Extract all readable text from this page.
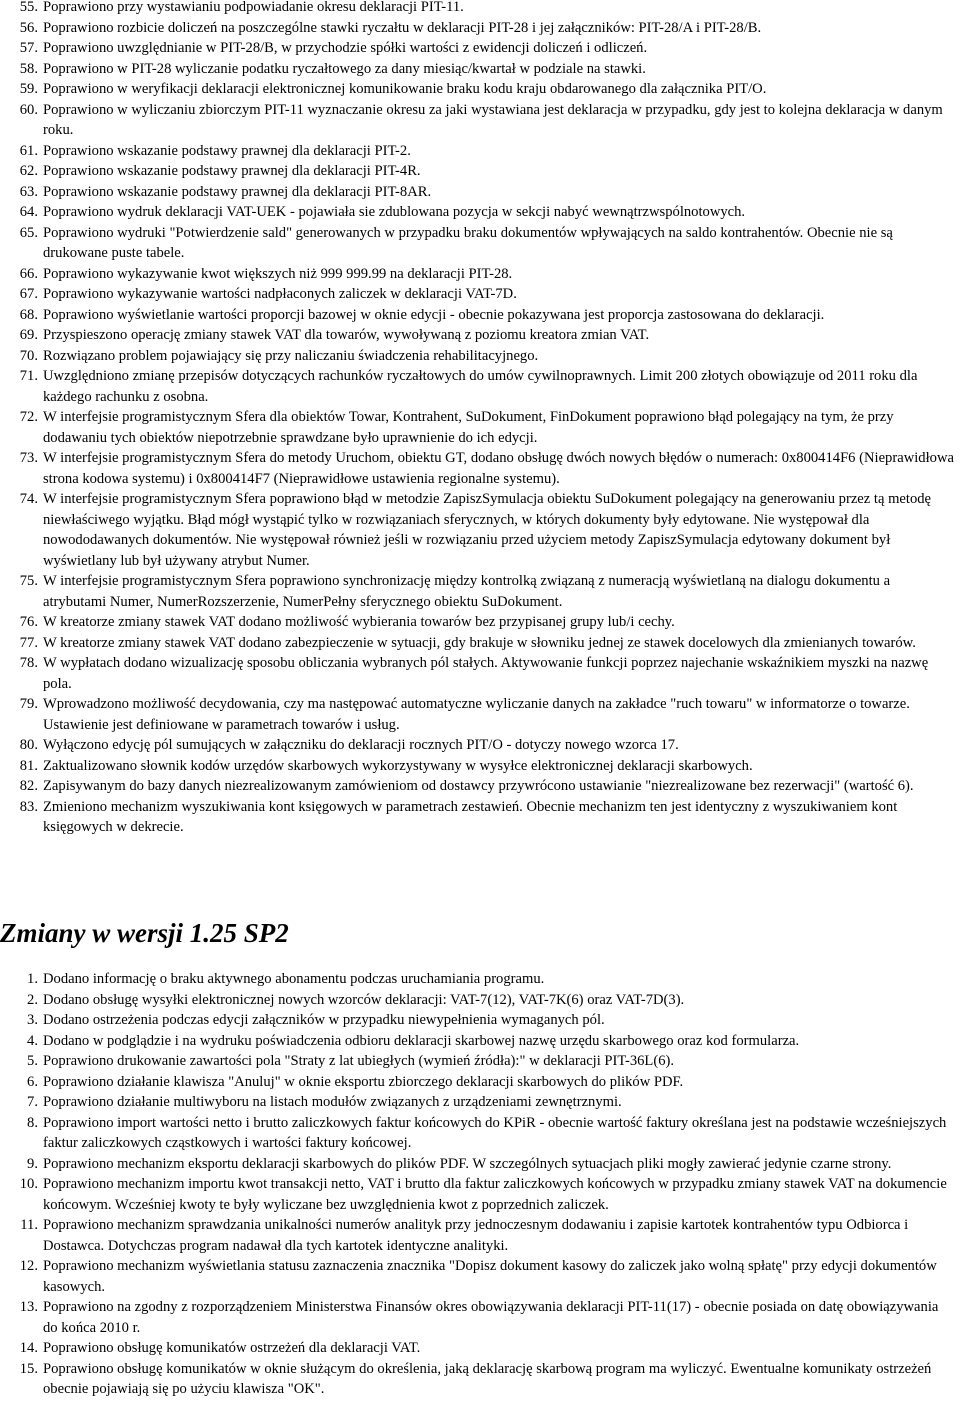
55. Poprawiono przy wystawianiu podpowiadanie okresu deklaracji PIT-11.
56. Poprawiono rozbicie doliczeń na poszczególne stawki ryczałtu w deklaracji PIT-28 i jej załączników: PIT-28/A i PIT-28/B.
57. Poprawiono uwzględnianie w PIT-28/B, w przychodzie spółki wartości z ewidencji doliczeń i odliczeń.
58. Poprawiono w PIT-28 wyliczanie podatku ryczałtowego za dany miesiąc/kwartał w podziale na stawki.
59. Poprawiono w weryfikacji deklaracji elektronicznej komunikowanie braku kodu kraju obdarowanego dla załącznika PIT/O.
60. Poprawiono w wyliczaniu zbiorczym PIT-11 wyznaczanie okresu za jaki wystawiana jest deklaracja w przypadku, gdy jest to kolejna deklaracja w danym roku.
61. Poprawiono wskazanie podstawy prawnej dla deklaracji PIT-2.
62. Poprawiono wskazanie podstawy prawnej dla deklaracji PIT-4R.
63. Poprawiono wskazanie podstawy prawnej dla deklaracji PIT-8AR.
64. Poprawiono wydruk deklaracji VAT-UEK - pojawiała sie zdublowana pozycja w sekcji nabyć wewnątrzwspólnotowych.
65. Poprawiono wydruki "Potwierdzenie sald" generowanych w przypadku braku dokumentów wpływających na saldo kontrahentów. Obecnie nie są drukowane puste tabele.
66. Poprawiono wykazywanie kwot większych niż 999 999.99 na deklaracji PIT-28.
67. Poprawiono wykazywanie wartości nadpłaconych zaliczek w deklaracji VAT-7D.
68. Poprawiono wyświetlanie wartości proporcji bazowej w oknie edycji - obecnie pokazywana jest proporcja zastosowana do deklaracji.
69. Przyspieszono operację zmiany stawek VAT dla towarów, wywoływaną z poziomu kreatora zmian VAT.
70. Rozwiązano problem pojawiający się przy naliczaniu świadczenia rehabilitacyjnego.
71. Uwzględniono zmianę przepisów dotyczących rachunków ryczałtowych do umów cywilnoprawnych. Limit 200 złotych obowiązuje od 2011 roku dla każdego rachunku z osobna.
72. W interfejsie programistycznym Sfera dla obiektów Towar, Kontrahent, SuDokument, FinDokument poprawiono błąd polegający na tym, że przy dodawaniu tych obiektów niepotrzebnie sprawdzane było uprawnienie do ich edycji.
73. W interfejsie programistycznym Sfera do metody Uruchom, obiektu GT, dodano obsługę dwóch nowych błędów o numerach: 0x800414F6 (Nieprawidłowa strona kodowa systemu) i 0x800414F7 (Nieprawidłowe ustawienia regionalne systemu).
74. W interfejsie programistycznym Sfera poprawiono błąd w metodzie ZapiszSymulacja obiektu SuDokument polegający na generowaniu przez tą metodę niewłaściwego wyjątku. Błąd mógł wystąpić tylko w rozwiązaniach sferycznych, w których dokumenty były edytowane. Nie występował dla nowododawanych dokumentów. Nie występował również jeśli w rozwiązaniu przed użyciem metody ZapiszSymulacja edytowany dokument był wyświetlany lub był używany atrybut Numer.
75. W interfejsie programistycznym Sfera poprawiono synchronizację między kontrolką związaną z numeracją wyświetlaną na dialogu dokumentu a atrybutami Numer, NumerRozszerzenie, NumerPełny sferycznego obiektu SuDokument.
76. W kreatorze zmiany stawek VAT dodano możliwość wybierania towarów bez przypisanej grupy lub/i cechy.
77. W kreatorze zmiany stawek VAT dodano zabezpieczenie w sytuacji, gdy brakuje w słowniku jednej ze stawek docelowych dla zmienianych towarów.
78. W wypłatach dodano wizualizację sposobu obliczania wybranych pól stałych. Aktywowanie funkcji poprzez najechanie wskaźnikiem myszki na nazwę pola.
79. Wprowadzono możliwość decydowania, czy ma następować automatyczne wyliczanie danych na zakładce "ruch towaru" w informatorze o towarze. Ustawienie jest definiowane w parametrach towarów i usług.
80. Wyłączono edycję pól sumujących w załączniku do deklaracji rocznych PIT/O - dotyczy nowego wzorca 17.
81. Zaktualizowano słownik kodów urzędów skarbowych wykorzystywany w wysyłce elektronicznej deklaracji skarbowych.
82. Zapisywanym do bazy danych niezrealizowanym zamówieniom od dostawcy przywrócono ustawianie "niezrealizowane bez rezerwacji" (wartość 6).
83. Zmieniono mechanizm wyszukiwania kont księgowych w parametrach zestawień. Obecnie mechanizm ten jest identyczny z wyszukiwaniem kont księgowych w dekrecie.
Zmiany w wersji 1.25 SP2
1. Dodano informację o braku aktywnego abonamentu podczas uruchamiania programu.
2. Dodano obsługę wysyłki elektronicznej nowych wzorców deklaracji: VAT-7(12), VAT-7K(6) oraz VAT-7D(3).
3. Dodano ostrzeżenia podczas edycji załączników w przypadku niewypełnienia wymaganych pól.
4. Dodano w podglądzie i na wydruku poświadczenia odbioru deklaracji skarbowej nazwę urzędu skarbowego oraz kod formularza.
5. Poprawiono drukowanie zawartości pola "Straty z lat ubiegłych (wymień źródła):" w deklaracji PIT-36L(6).
6. Poprawiono działanie klawisza "Anuluj" w oknie eksportu zbiorczego deklaracji skarbowych do plików PDF.
7. Poprawiono działanie multiwyboru na listach modułów związanych z urządzeniami zewnętrznymi.
8. Poprawiono import wartości netto i brutto zaliczkowych faktur końcowych do KPiR - obecnie wartość faktury określana jest na podstawie wcześniejszych faktur zaliczkowych cząstkowych i wartości faktury końcowej.
9. Poprawiono mechanizm eksportu deklaracji skarbowych do plików PDF. W szczególnych sytuacjach pliki mogły zawierać jedynie czarne strony.
10. Poprawiono mechanizm importu kwot transakcji netto, VAT i brutto dla faktur zaliczkowych końcowych w przypadku zmiany stawek VAT na dokumencie końcowym. Wcześniej kwoty te były wyliczane bez uwzględnienia kwot z poprzednich zaliczek.
11. Poprawiono mechanizm sprawdzania unikalności numerów analityk przy jednoczesnym dodawaniu i zapisie kartotek kontrahentów typu Odbiorca i Dostawca. Dotychczas program nadawał dla tych kartotek identyczne analityki.
12. Poprawiono mechanizm wyświetlania statusu zaznaczenia znacznika "Dopisz dokument kasowy do zaliczek jako wolną spłatę" przy edycji dokumentów kasowych.
13. Poprawiono na zgodny z rozporządzeniem Ministerstwa Finansów okres obowiązywania deklaracji PIT-11(17) - obecnie posiada on datę obowiązywania do końca 2010 r.
14. Poprawiono obsługę komunikatów ostrzeżeń dla deklaracji VAT.
15. Poprawiono obsługę komunikatów w oknie służącym do określenia, jaką deklarację skarbową program ma wyliczyć. Ewentualne komunikaty ostrzeżeń obecnie pojawiają się po użyciu klawisza "OK".
